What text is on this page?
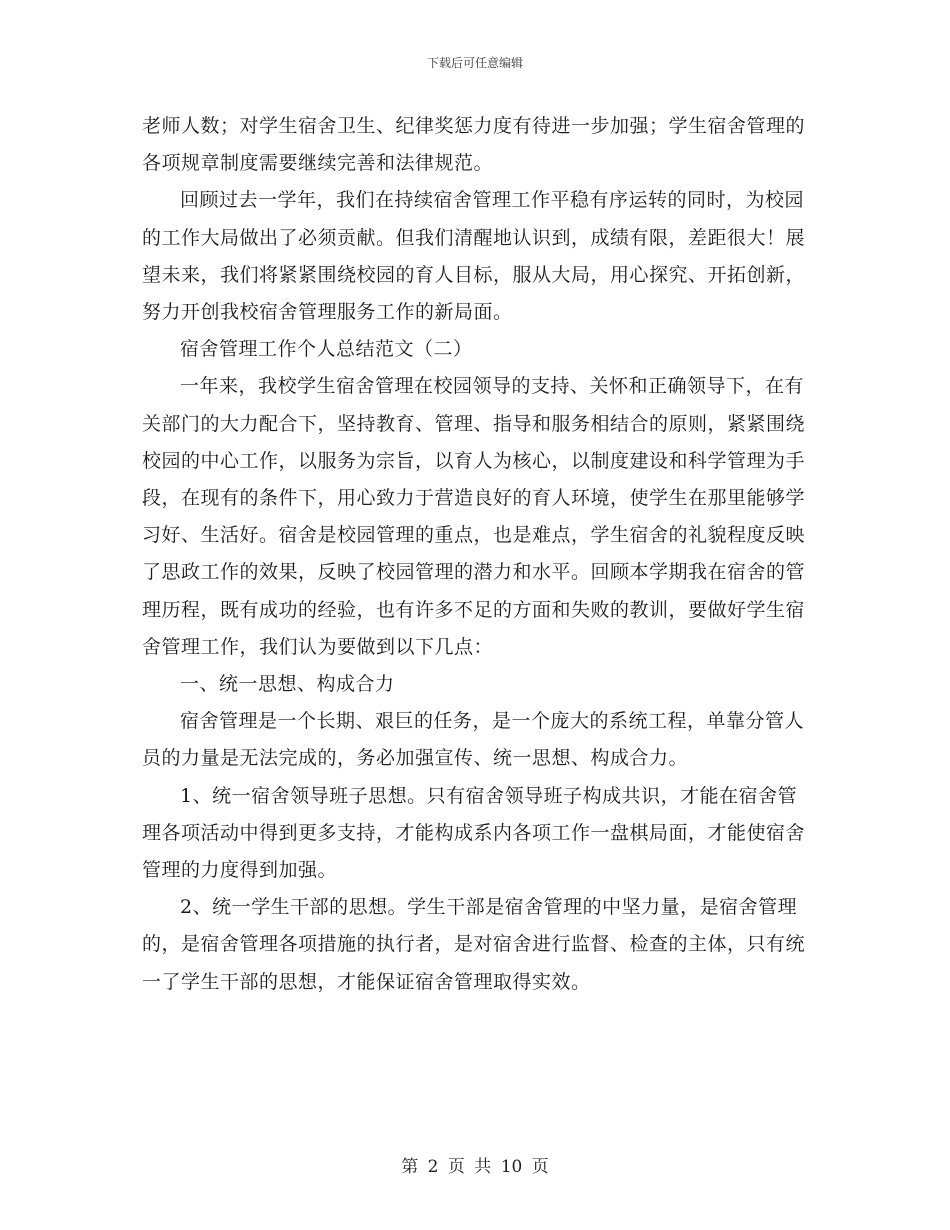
下载后可任意编辑

老师人数；对学生宿舍卫生、纪律奖惩力度有待进一步加强；学生宿舍管理的各项规章制度需要继续完善和法律规范。

回顾过去一学年，我们在持续宿舍管理工作平稳有序运转的同时，为校园的工作大局做出了必须贡献。但我们清醒地认识到，成绩有限，差距很大！展望未来，我们将紧紧围绕校园的育人目标，服从大局，用心探究、开拓创新，努力开创我校宿舍管理服务工作的新局面。

宿舍管理工作个人总结范文（二）

一年来，我校学生宿舍管理在校园领导的支持、关怀和正确领导下，在有关部门的大力配合下，坚持教育、管理、指导和服务相结合的原则，紧紧围绕校园的中心工作，以服务为宗旨，以育人为核心，以制度建设和科学管理为手段，在现有的条件下，用心致力于营造良好的育人环境，使学生在那里能够学习好、生活好。宿舍是校园管理的重点，也是难点，学生宿舍的礼貌程度反映了思政工作的效果，反映了校园管理的潜力和水平。回顾本学期我在宿舍的管理历程，既有成功的经验，也有许多不足的方面和失败的教训，要做好学生宿舍管理工作，我们认为要做到以下几点：

一、统一思想、构成合力

宿舍管理是一个长期、艰巨的任务，是一个庞大的系统工程，单靠分管人员的力量是无法完成的，务必加强宣传、统一思想、构成合力。

1、统一宿舍领导班子思想。只有宿舍领导班子构成共识，才能在宿舍管理各项活动中得到更多支持，才能构成系内各项工作一盘棋局面，才能使宿舍管理的力度得到加强。

2、统一学生干部的思想。学生干部是宿舍管理的中坚力量，是宿舍管理的，是宿舍管理各项措施的执行者，是对宿舍进行监督、检查的主体，只有统一了学生干部的思想，才能保证宿舍管理取得实效。

第 2 页 共 10 页
